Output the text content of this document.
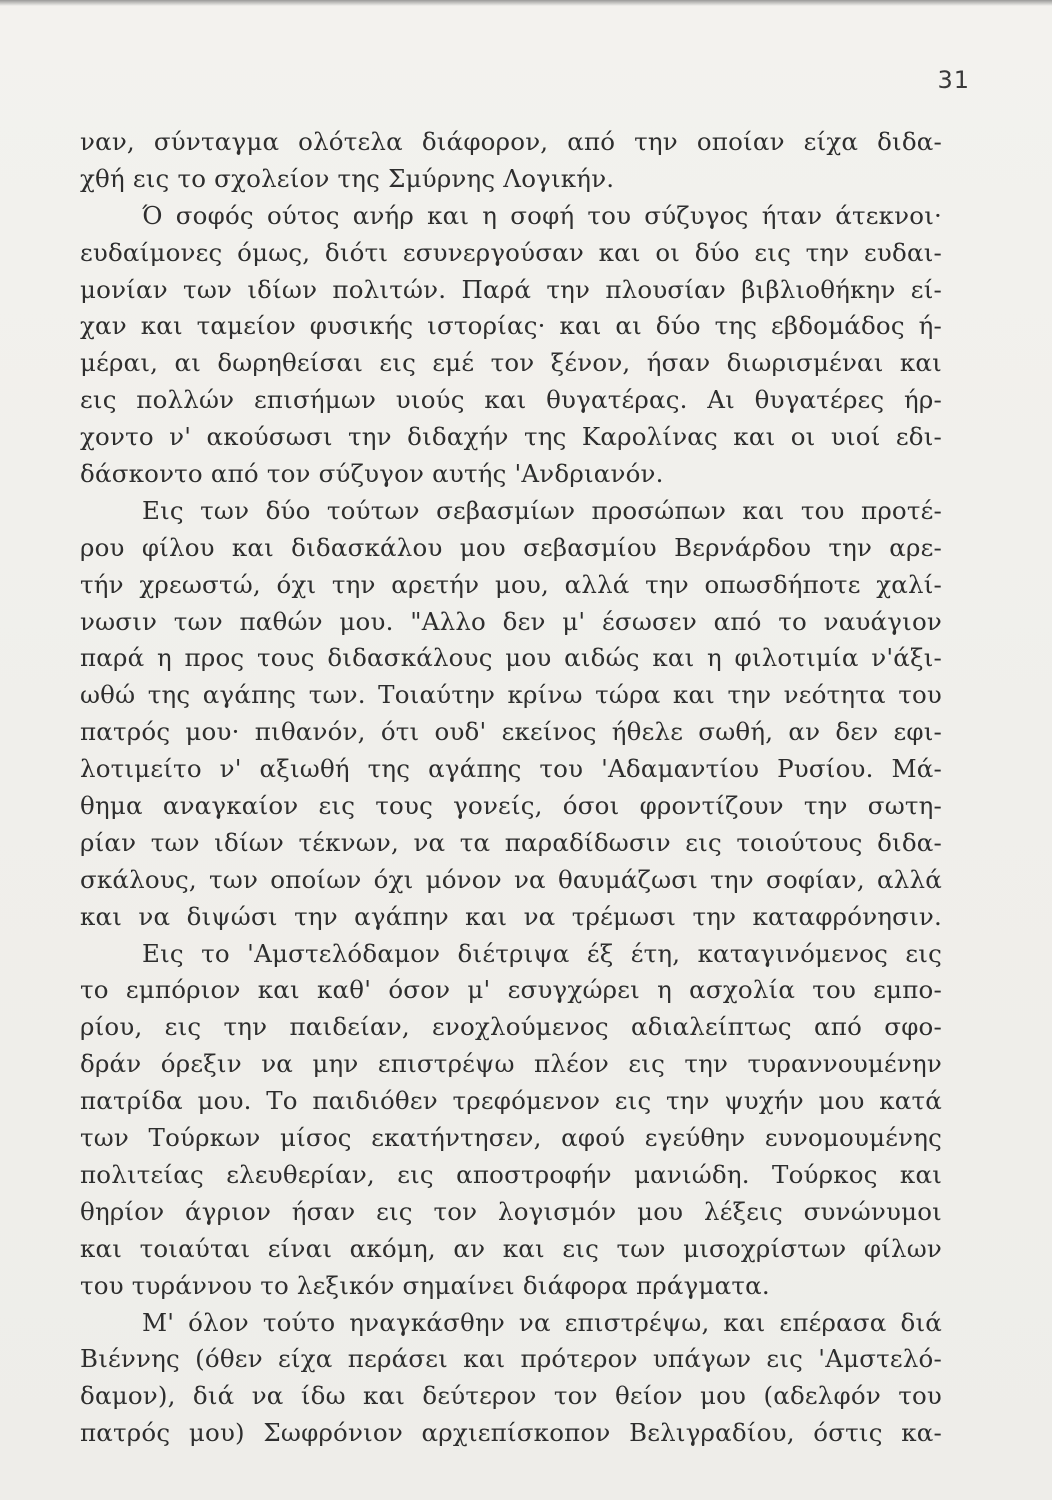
31
ναν, σύνταγμα ολότελα διάφορον, από την οποίαν είχα διδα-
χθή εις το σχολείον της Σμύρνης Λογικήν.
Ό σοφός ούτος ανήρ και η σοφή του σύζυγος ήταν άτεκνοι·
ευδαίμονες όμως, διότι εσυνεργούσαν και οι δύο εις την ευδαι-
μονίαν των ιδίων πολιτών. Παρά την πλουσίαν βιβλιοθήκην εί-
χαν και ταμείον φυσικής ιστορίας· και αι δύο της εβδομάδος ή-
μέραι, αι δωρηθείσαι εις εμέ τον ξένον, ήσαν διωρισμέναι και
εις πολλών επισήμων υιούς και θυγατέρας. Αι θυγατέρες ήρ-
χοντο ν' ακούσωσι την διδαχήν της Καρολίνας και οι υιοί εδι-
δάσκοντο από τον σύζυγον αυτής 'Ανδριανόν.
Εις των δύο τούτων σεβασμίων προσώπων και του προτέ-
ρου φίλου και διδασκάλου μου σεβασμίου Βερνάρδου την αρε-
τήν χρεωστώ, όχι την αρετήν μου, αλλά την οπωσδήποτε χαλί-
νωσιν των παθών μου. "Αλλο δεν μ' έσωσεν από το ναυάγιον
παρά η προς τους διδασκάλους μου αιδώς και η φιλοτιμία ν'άξι-
ωθώ της αγάπης των. Τοιαύτην κρίνω τώρα και την νεότητα του
πατρός μου· πιθανόν, ότι ουδ' εκείνος ήθελε σωθή, αν δεν εφι-
λοτιμείτο ν' αξιωθή της αγάπης του 'Αδαμαντίου Ρυσίου. Μά-
θημα αναγκαίον εις τους γονείς, όσοι φροντίζουν την σωτη-
ρίαν των ιδίων τέκνων, να τα παραδίδωσιν εις τοιούτους διδα-
σκάλους, των οποίων όχι μόνον να θαυμάζωσι την σοφίαν, αλλά
και να διψώσι την αγάπην και να τρέμωσι την καταφρόνησιν.
Εις το 'Αμστελόδαμον διέτριψα έξ έτη, καταγινόμενος εις
το εμπόριον και καθ' όσον μ' εσυγχώρει η ασχολία του εμπο-
ρίου, εις την παιδείαν, ενοχλούμενος αδιαλείπτως από σφο-
δράν όρεξιν να μην επιστρέψω πλέον εις την τυραννουμένην
πατρίδα μου. Το παιδιόθεν τρεφόμενον εις την ψυχήν μου κατά
των Τούρκων μίσος εκατήντησεν, αφού εγεύθην ευνομουμένης
πολιτείας ελευθερίαν, εις αποστροφήν μανιώδη. Τούρκος και
θηρίον άγριον ήσαν εις τον λογισμόν μου λέξεις συνώνυμοι
και τοιαύται είναι ακόμη, αν και εις των μισοχρίστων φίλων
του τυράννου το λεξικόν σημαίνει διάφορα πράγματα.
Μ' όλον τούτο ηναγκάσθην να επιστρέψω, και επέρασα διά
Βιέννης (όθεν είχα περάσει και πρότερον υπάγων εις 'Αμστελό-
δαμον), διά να ίδω και δεύτερον τον θείον μου (αδελφόν του
πατρός μου) Σωφρόνιον αρχιεπίσκοπον Βελιγραδίου, όστις κα-
